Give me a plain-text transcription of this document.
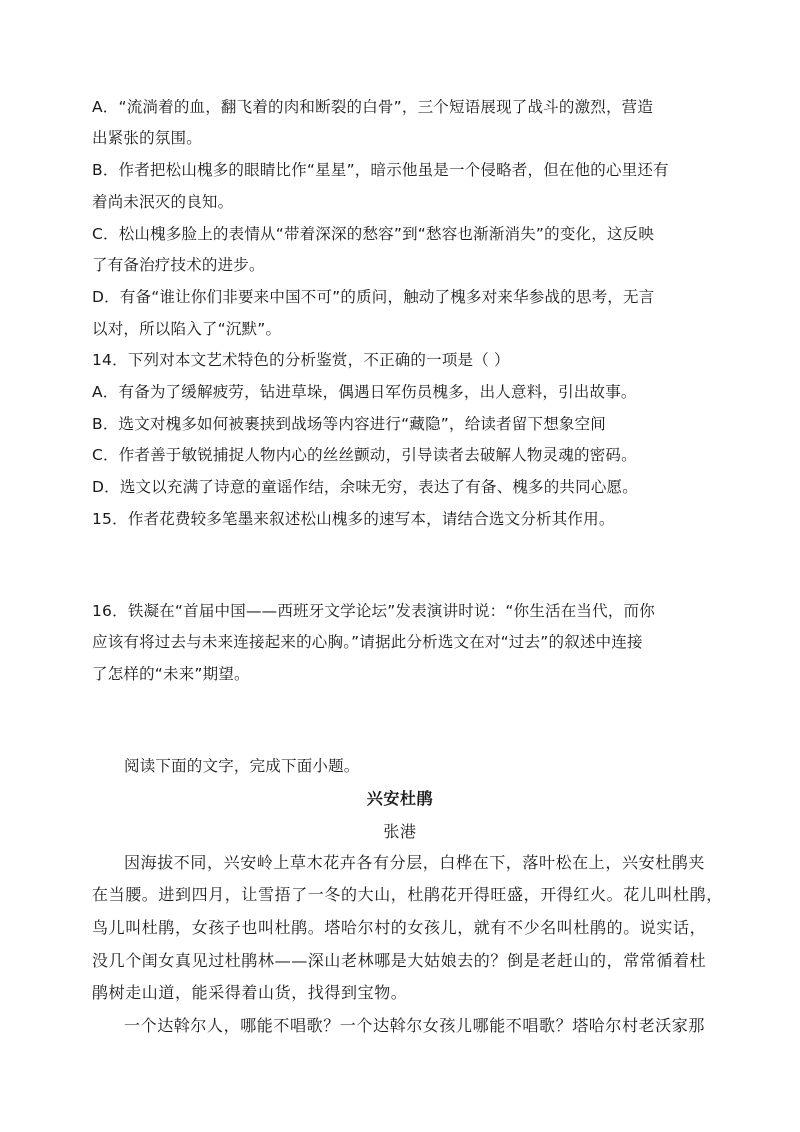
A．“流淌着的血，翻飞着的肉和断裂的白骨”，三个短语展现了战斗的激烈，营造

出紧张的氛围。

B．作者把松山槐多的眼睛比作“星星”，暗示他虽是一个侵略者，但在他的心里还有

着尚未泯灭的良知。

C．松山槐多脸上的表情从“带着深深的愁容”到“愁容也渐渐消失”的变化，这反映

了有备治疗技术的进步。

D．有备“谁让你们非要来中国不可”的质问，触动了槐多对来华参战的思考，无言

以对，所以陷入了“沉默”。

14．下列对本文艺术特色的分析鉴赏，不正确的一项是（ ）

A．有备为了缓解疲劳，钻进草垛，偶遇日军伤员槐多，出人意料，引出故事。

B．选文对槐多如何被裹挟到战场等内容进行“藏隐”，给读者留下想象空间

C．作者善于敏锐捕捉人物内心的丝丝颤动，引导读者去破解人物灵魂的密码。

D．选文以充满了诗意的童谣作结，余味无穷，表达了有备、槐多的共同心愿。

15．作者花费较多笔墨来叙述松山槐多的速写本，请结合选文分析其作用。

16．铁凝在“首届中国——西班牙文学论坛”发表演讲时说：“你生活在当代，而你

应该有将过去与未来连接起来的心胸。”请据此分析选文在对“过去”的叙述中连接

了怎样的“未来”期望。

阅读下面的文字，完成下面小题。

兴安杜鹃

张港

因海拔不同，兴安岭上草木花卉各有分层，白桦在下，落叶松在上，兴安杜鹃夹

在当腰。进到四月，让雪捂了一冬的大山，杜鹃花开得旺盛，开得红火。花儿叫杜鹃，

鸟儿叫杜鹃，女孩子也叫杜鹃。塔哈尔村的女孩儿，就有不少名叫杜鹃的。说实话，

没几个闺女真见过杜鹃林——深山老林哪是大姑娘去的？倒是老赶山的，常常循着杜

鹃树走山道，能采得着山货，找得到宝物。

一个达斡尔人，哪能不唱歌？一个达斡尔女孩儿哪能不唱歌？塔哈尔村老沃家那
